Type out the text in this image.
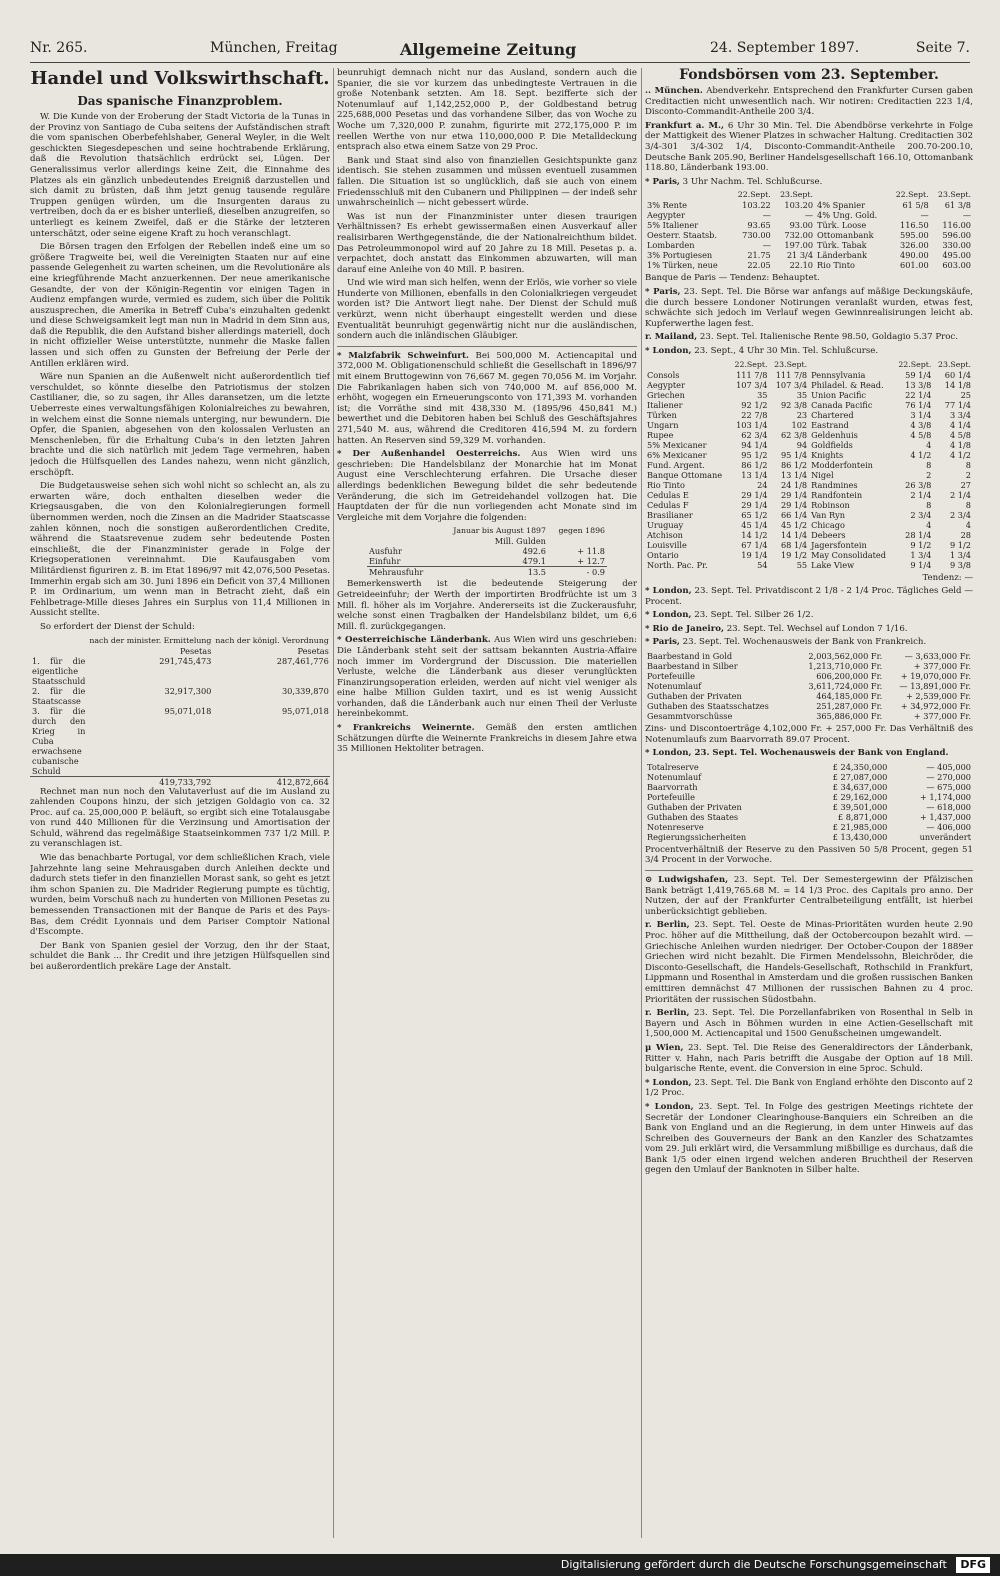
Nr. 265.	München, Freitag	Allgemeine Zeitung	24. September 1897.	Seite 7.
Handel und Volkswirthschaft.
Das spanische Finanzproblem.

W. Die Kunde von der Eroberung der Stadt Victoria de la Tunas in der Provinz von Santiago de Cuba seitens der Aufständischen straft die vom spanischen Oberbefehlshaber, General Weyler, in die Welt geschickten Siegesdepeschen und seine hochtrabende Erklärung, daß die Revolution thatsächlich erdrückt sei, Lügen. Der Generalissimus verlor allerdings keine Zeit, die Einnahme des Platzes als ein gänzlich unbedeutendes Ereigniß darzustellen und sich damit zu brüsten, daß ihm jetzt genug tausende reguläre Truppen genügen würden, um die Insurgenten daraus zu vertreiben, doch da er es bisher unterließ, dieselben anzugreifen, so unterliegt es keinem Zweifel, daß er die Stärke der letzteren unterschätzt, oder seine eigene Kraft zu hoch veranschlagt.

Die Börsen tragen den Erfolgen der Rebellen indeß eine um so größere Tragweite bei, weil die Vereinigten Staaten nur auf eine passende Gelegenheit zu warten scheinen, um die Revolutionäre als eine kriegführende Macht anzuerkennen. Der neue amerikanische Gesandte, der von der Königin-Regentin vor einigen Tagen in Audienz empfangen wurde, vermied es zudem, sich über die Politik auszusprechen, die Amerika in Betreff Cuba's einzuhalten gedenkt und diese Schweigsamkeit legt man nun in Madrid in dem Sinn aus, daß die Republik, die den Aufstand bisher allerdings materiell, doch in nicht offizieller Weise unterstützte, nunmehr die Maske fallen lassen und sich offen zu Gunsten der Befreiung der Perle der Antillen erklären wird.

Wäre nun Spanien an die Außenwelt nicht außerordentlich tief verschuldet, so könnte dieselbe den Patriotismus der stolzen Castilianer, die, so zu sagen, ihr Alles daransetzen, um die letzte Ueberreste eines verwaltungsfähigen Kolonialreiches zu bewahren, in welchem einst die Sonne niemals unterging, nur bewundern. Die Opfer, die Spanien, abgesehen von den kolossalen Verlusten an Menschenleben, für die Erhaltung Cuba's in den letzten Jahren brachte und die sich natürlich mit jedem Tage vermehren, haben jedoch die Hülfsquellen des Landes nahezu, wenn nicht gänzlich, erschöpft.

Die Budgetausweise sehen sich wohl nicht so schlecht an, als zu erwarten wäre, doch enthalten dieselben weder die Kriegsausgaben, die von den Kolonialregierungen formell übernommen werden, noch die Zinsen an die Madrider Staatscasse zahlen können, noch die sonstigen außerordentlichen Credite, während die Staatsrevenue zudem sehr bedeutende Posten einschließt, die der Finanzminister gerade in Folge der Kriegsoperationen vereinnahmt. Die Kaufausgaben vom Militärdienst figuriren z. B. im Etat 1896/97 mit 42,076,500 Pesetas. Immerhin ergab sich am 30. Juni 1896 ein Deficit von 37,4 Millionen P. im Ordinarium, um wenn man in Betracht zieht, daß ein Fehlbetrage-Mille dieses Jahres ein Surplus von 11,4 Millionen in Aussicht stellte.

So erfordert der Dienst der Schuld:

	nach der minister. Ermittelung	nach der königl. Verordnung
	Pesetas	Pesetas
1. für die eigentliche Staatsschuld	291,745,473	287,461,776
2. für die Staatscasse	32,917,300	30,339,870
3. für die durch den Krieg in Cuba erwachsene cubanische Schuld	95,071,018	95,071,018
	419,733,792	412,872,664

Rechnet man nun noch den Valutaverlust auf die im Ausland zu zahlenden Coupons hinzu, der sich jetzigen Goldagio von ca. 32 Proc. auf ca. 25,000,000 P. beläuft, so ergibt sich eine Totalausgabe von rund 440 Millionen für die Verzinsung und Amortisation der Schuld, während das regelmäßige Staatseinkommen 737 1/2 Mill. P. zu veranschlagen ist.

Wie das benachbarte Portugal, vor dem schließlichen Krach, viele Jahrzehnte lang seine Mehrausgaben durch Anleihen deckte und dadurch stets tiefer in den finanziellen Morast sank, so geht es jetzt ihm schon Spanien zu. Die Madrider Regierung pumpte es tüchtig, wurden, beim Vorschuß nach zu hunderten von Millionen Pesetas zu bemessenden Transactionen mit der Banque de Paris et des Pays-Bas, dem Crédit Lyonnais und dem Pariser Comptoir National d'Escompte.

Der Bank von Spanien gesiel der Vorzug, den ihr der Staat, schuldet die Bank ... Ihr Credit und ihre jetzigen Hülfsquellen sind bei außerordentlich prekäre Lage der Anstalt.

beunruhigt demnach nicht nur das Ausland, sondern auch die Spanier, die sie vor kurzem das unbedingteste Vertrauen in die große Notenbank setzten. Am 18. Sept. bezifferte sich der Notenumlauf auf 1,142,252,000 P., der Goldbestand betrug 225,688,000 Pesetas und das vorhandene Silber, das von Woche zu Woche um 7,320,000 P. zunahm, figurirte mit 272,175,000 P. im reellen Werthe von nur etwa 110,000,000 P. Die Metalldeckung entsprach also etwa einem Satze von 29 Proc.

Bank und Staat sind also von finanziellen Gesichtspunkte ganz identisch. Sie stehen zusammen und müssen eventuell zusammen fallen. Die Situation ist so unglücklich, daß sie auch von einem Friedensschluß mit den Cubanern und Philippinen — der indeß sehr unwahrscheinlich — nicht gebessert würde.

Was ist nun der Finanzminister unter diesen traurigen Verhältnissen? Es erhebt gewissermaßen einen Ausverkauf aller realisirbaren Werthgegenstände, die der Nationalreichthum bildet. Das Petroleummonopol wird auf 20 Jahre zu 18 Mill. Pesetas p. a. verpachtet, doch anstatt das Einkommen abzuwarten, will man darauf eine Anleihe von 40 Mill. P. basiren.

Und wie wird man sich helfen, wenn der Erlös, wie vorher so viele Hunderte von Millionen, ebenfalls in den Colonialkriegen vergeudet worden ist? Die Antwort liegt nahe. Der Dienst der Schuld muß verkürzt, wenn nicht überhaupt eingestellt werden und diese Eventualität beunruhigt gegenwärtig nicht nur die ausländischen, sondern auch die inländischen Gläubiger.

* Malzfabrik Schweinfurt. Bei 500,000 M. Actiencapital und 372,000 M. Obligationenschuld schließt die Gesellschaft in 1896/97 mit einem Bruttogewinn von 76,667 M. gegen 70,056 M. im Vorjahr. Die Fabrikanlagen haben sich von 740,000 M. auf 856,000 M. erhöht, wogegen ein Erneuerungsconto von 171,393 M. vorhanden ist; die Vorräthe sind mit 438,330 M. (1895/96 450,841 M.) bewerthet und die Debitoren haben bei Schluß des Geschäftsjahres 271,540 M. aus, während die Creditoren 416,594 M. zu fordern hatten. An Reserven sind 59,329 M. vorhanden.

* Der Außenhandel Oesterreichs. Aus Wien wird uns geschrieben: Die Handelsbilanz der Monarchie hat im Monat August eine Verschlechterung erfahren. Die Ursache dieser allerdings bedenklichen Bewegung bildet die sehr bedeutende Veränderung, die sich im Getreidehandel vollzogen hat. Die Hauptdaten der für die nun vorliegenden acht Monate sind im Vergleiche mit dem Vorjahre die folgenden:

	Januar bis August 1897	gegen 1896
	Mill. Gulden	
Ausfuhr	492.6	+ 11.8
Einfuhr	479.1	+ 12.7
Mehrausfuhr	13.5	- 0.9

Bemerkenswerth ist die bedeutende Steigerung der Getreideeinfuhr; der Werth der importirten Brodfrüchte ist um 3 Mill. fl. höher als im Vorjahre. Andererseits ist die Zuckerausfuhr, welche sonst einen Tragbalken der Handelsbilanz bildet, um 6,6 Mill. fl. zurückgegangen.

* Oesterreichische Länderbank. Aus Wien wird uns geschrieben: Die Länderbank steht seit der sattsam bekannten Austria-Affaire noch immer im Vordergrund der Discussion. Die materiellen Verluste, welche die Länderbank aus dieser verunglückten Finanzirungsoperation erleiden, werden auf nicht viel weniger als eine halbe Million Gulden taxirt, und es ist wenig Aussicht vorhanden, daß die Länderbank auch nur einen Theil der Verluste hereinbekommt.

* Frankreichs Weinernte. Gemäß den ersten amtlichen Schätzungen dürfte die Weinernte Frankreichs in diesem Jahre etwa 35 Millionen Hektoliter betragen.

Fondsbörsen vom 23. September.

.. München. Abendverkehr. Entsprechend den Frankfurter Cursen gaben Creditactien nicht unwesentlich nach. Wir notiren: Creditactien 223 1/4, Disconto-Commandit-Antheile 200 3/4.

Frankfurt a. M., 6 Uhr 30 Min. Tel. Die Abendbörse verkehrte in Folge der Mattigkeit des Wiener Platzes in schwacher Haltung. Creditactien 302 3/4-301 3/4-302 1/4, Disconto-Commandit-Antheile 200.70-200.10, Deutsche Bank 205.90, Berliner Handelsgesellschaft 166.10, Ottomanbank 118.80, Länderbank 193.00.

* Paris, 3 Uhr Nachm. Tel. Schlußcurse.

	22.Sept.	23.Sept.		22.Sept.	23.Sept.
3% Rente	103.22	103.20	4% Spanier	61 5/8	61 3/8
Aegypter	—	—	4% Ung. Gold.	—	—
5% Italiener	93.65	93.00	Türk. Loose	116.50	116.00
Oesterr. Staatsb.	730.00	732.00	Ottomanbank	595.00	596.00
Lombarden	—	197.00	Türk. Tabak	326.00	330.00
3% Portugiesen	21.75	21 3/4	Länderbank	490.00	495.00
1% Türken, neue	22.05	22.10	Rio Tinto	601.00	603.00

Banque de Paris — Tendenz: Behauptet.

* Paris, 23. Sept. Tel. Die Börse war anfangs auf mäßige Deckungskäufe, die durch bessere Londoner Notirungen veranlaßt wurden, etwas fest, schwächte sich jedoch im Verlauf wegen Gewinnrealisirungen leicht ab. Kupferwerthe lagen fest.

r. Mailand, 23. Sept. Tel. Italienische Rente 98.50, Goldagio 5.37 Proc.

* London, 23. Sept., 4 Uhr 30 Min. Tel. Schlußcurse.

	22.Sept.	23.Sept.		22.Sept.	23.Sept.
Consols	111 7/8	111 7/8	Pennsylvania	59 1/4	60 1/4
Aegypter	107 3/4	107 3/4	Philadel. & Read.	13 3/8	14 1/8
Griechen	35	35	Union Pacific	22 1/4	25
Italiener	92 1/2	92 3/8	Canada Pacific	76 1/4	77 1/4
Türken	22 7/8	23	Chartered	3 1/4	3 3/4
Ungarn	103 1/4	102	Eastrand	4 3/8	4 1/4
Rupee	62 3/4	62 3/8	Geldenhuis	4 5/8	4 5/8
5% Mexicaner	94 1/4	94	Goldfields	4	4 1/8
6% Mexicaner	95 1/2	95 1/4	Knights	4 1/2	4 1/2
Fund. Argent.	86 1/2	86 1/2	Modderfontein	8	8
Banque Ottomane	13 1/4	13 1/4	Nigel	2	2
Rio Tinto	24	24 1/8	Randmines	26 3/8	27
Cedulas E	29 1/4	29 1/4	Randfontein	2 1/4	2 1/4
Cedulas F	29 1/4	29 1/4	Robinson	8	8
Brasilianer	65 1/2	66 1/4	Van Ryn	2 3/4	2 3/4
Uruguay	45 1/4	45 1/2	Chicago	4	4
Atchison	14 1/2	14 1/4	Debeers	28 1/4	28
Louisville	67 1/4	68 1/4	Jagersfontein	9 1/2	9 1/2
Ontario	19 1/4	19 1/2	May Consolidated	1 3/4	1 3/4
North. Pac. Pr.	54	55	Lake View	9 1/4	9 3/8

Tendenz: —

* London, 23. Sept. Tel. Privatdiscont 2 1/8 - 2 1/4 Proc. Tägliches Geld — Procent.

* London, 23. Sept. Tel. Silber 26 1/2.

* Rio de Janeiro, 23. Sept. Tel. Wechsel auf London 7 1/16.

* Paris, 23. Sept. Tel. Wochenausweis der Bank von Frankreich.

Baarbestand in Gold	2,003,562,000 Fr.	— 3,633,000 Fr.
Baarbestand in Silber	1,213,710,000 Fr.	+ 377,000 Fr.
Portefeuille	606,200,000 Fr.	+ 19,070,000 Fr.
Notenumlauf	3,611,724,000 Fr.	— 13,891,000 Fr.
Guthaben der Privaten	464,185,000 Fr.	+ 2,539,000 Fr.
Guthaben des Staatsschatzes	251,287,000 Fr.	+ 34,972,000 Fr.
Gesammtvorschüsse	365,886,000 Fr.	+ 377,000 Fr.

Zins- und Discontoerträge 4,102,000 Fr. + 257,000 Fr. Das Verhältniß des Notenumlaufs zum Baarvorrath 89.07 Procent.

* London, 23. Sept. Tel. Wochenausweis der Bank von England.

Totalreserve	£ 24,350,000	— 405,000
Notenumlauf	£ 27,087,000	— 270,000
Baarvorrath	£ 34,637,000	— 675,000
Portefeuille	£ 29,162,000	+ 1,174,000
Guthaben der Privaten	£ 39,501,000	— 618,000
Guthaben des Staates	£ 8,871,000	+ 1,437,000
Notenreserve	£ 21,985,000	— 406,000
Regierungssicherheiten	£ 13,430,000	unverändert

Procentverhältniß der Reserve zu den Passiven 50 5/8 Procent, gegen 51 3/4 Procent in der Vorwoche.

⊙ Ludwigshafen, 23. Sept. Tel. Der Semestergewinn der Pfälzischen Bank beträgt 1,419,765.68 M. = 14 1/3 Proc. des Capitals pro anno. Der Nutzen, der auf der Frankfurter Centralbeteiligung entfällt, ist hierbei unberücksichtigt geblieben.

r. Berlin, 23. Sept. Tel. Oeste de Minas-Prioritäten wurden heute 2.90 Proc. höher auf die Mittheilung, daß der Octobercoupon bezahlt wird. — Griechische Anleihen wurden niedriger. Der October-Coupon der 1889er Griechen wird nicht bezahlt. Die Firmen Mendelssohn, Bleichröder, die Disconto-Gesellschaft, die Handels-Gesellschaft, Rothschild in Frankfurt, Lippmann und Rosenthal in Amsterdam und die großen russischen Banken emittiren demnächst 47 Millionen der russischen Bahnen zu 4 proc. Prioritäten der russischen Südostbahn.

r. Berlin, 23. Sept. Tel. Die Porzellanfabriken von Rosenthal in Selb in Bayern und Asch in Böhmen wurden in eine Actien-Gesellschaft mit 1,500,000 M. Actiencapital und 1500 Genußscheinen umgewandelt.

μ Wien, 23. Sept. Tel. Die Reise des Generaldirectors der Länderbank, Ritter v. Hahn, nach Paris betrifft die Ausgabe der Option auf 18 Mill. bulgarische Rente, event. die Conversion in eine 5proc. Schuld.

* London, 23. Sept. Tel. Die Bank von England erhöhte den Disconto auf 2 1/2 Proc.

* London, 23. Sept. Tel. In Folge des gestrigen Meetings richtete der Secretär der Londoner Clearinghouse-Banquiers ein Schreiben an die Bank von England und an die Regierung, in dem unter Hinweis auf das Schreiben des Gouverneurs der Bank an den Kanzler des Schatzamtes vom 29. Juli erklärt wird, die Versammlung mißbillige es durchaus, daß die Bank 1/5 oder einen irgend welchen anderen Bruchtheil der Reserven gegen den Umlauf der Banknoten in Silber halte.

Digitalisierung gefördert durch die Deutsche Forschungsgemeinschaft DFG
